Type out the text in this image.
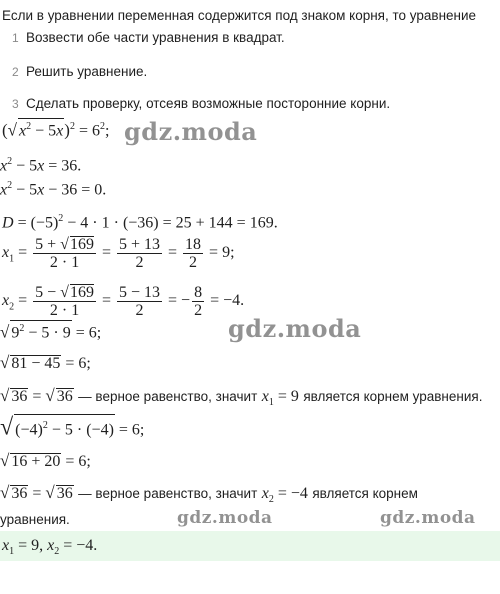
Если в уравнении переменная содержится под знаком корня, то уравнение
1 Возвести обе части уравнения в квадрат.
2 Решить уравнение.
3 Сделать проверку, отсеяв возможные посторонние корни.
(√ $x^2 - 5x)^2 = 6^2$;
$x^2 - 5x = 36$.
$x^2 - 5x - 36 = 0$.
$D = (-5)^2 - 4 \cdot 1 \cdot (-36) = 25 + 144 = 169$.
$x_1 = \frac{5 + √169}{2 \cdot 1} = \frac{5 + 13}{2} = \frac{18}{2} = 9$;
$x_2 = \frac{5 - √169}{2 \cdot 1} = \frac{5 - 13}{2}$ = − $\frac{8}{2} = -4$.
√ $9^2 - 5 \cdot 9 = 6$;
√ 81 − 45 = 6;
√ 36 = √ 36 — верное равенство, значит $x_1 = 9$ является корнем уравнения.
√ $(-4)^2 - 5 \cdot (-4) = 6$;
√ 16 + 20 = 6;
√ 36 = √ 36 — верное равенство, значит $x_2 = -4$ является корнем
уравнения.
$x_1 = 9$, $x_2 = -4$.
gdz.moda
gdz.moda
gdz.moda	gdz.moda
